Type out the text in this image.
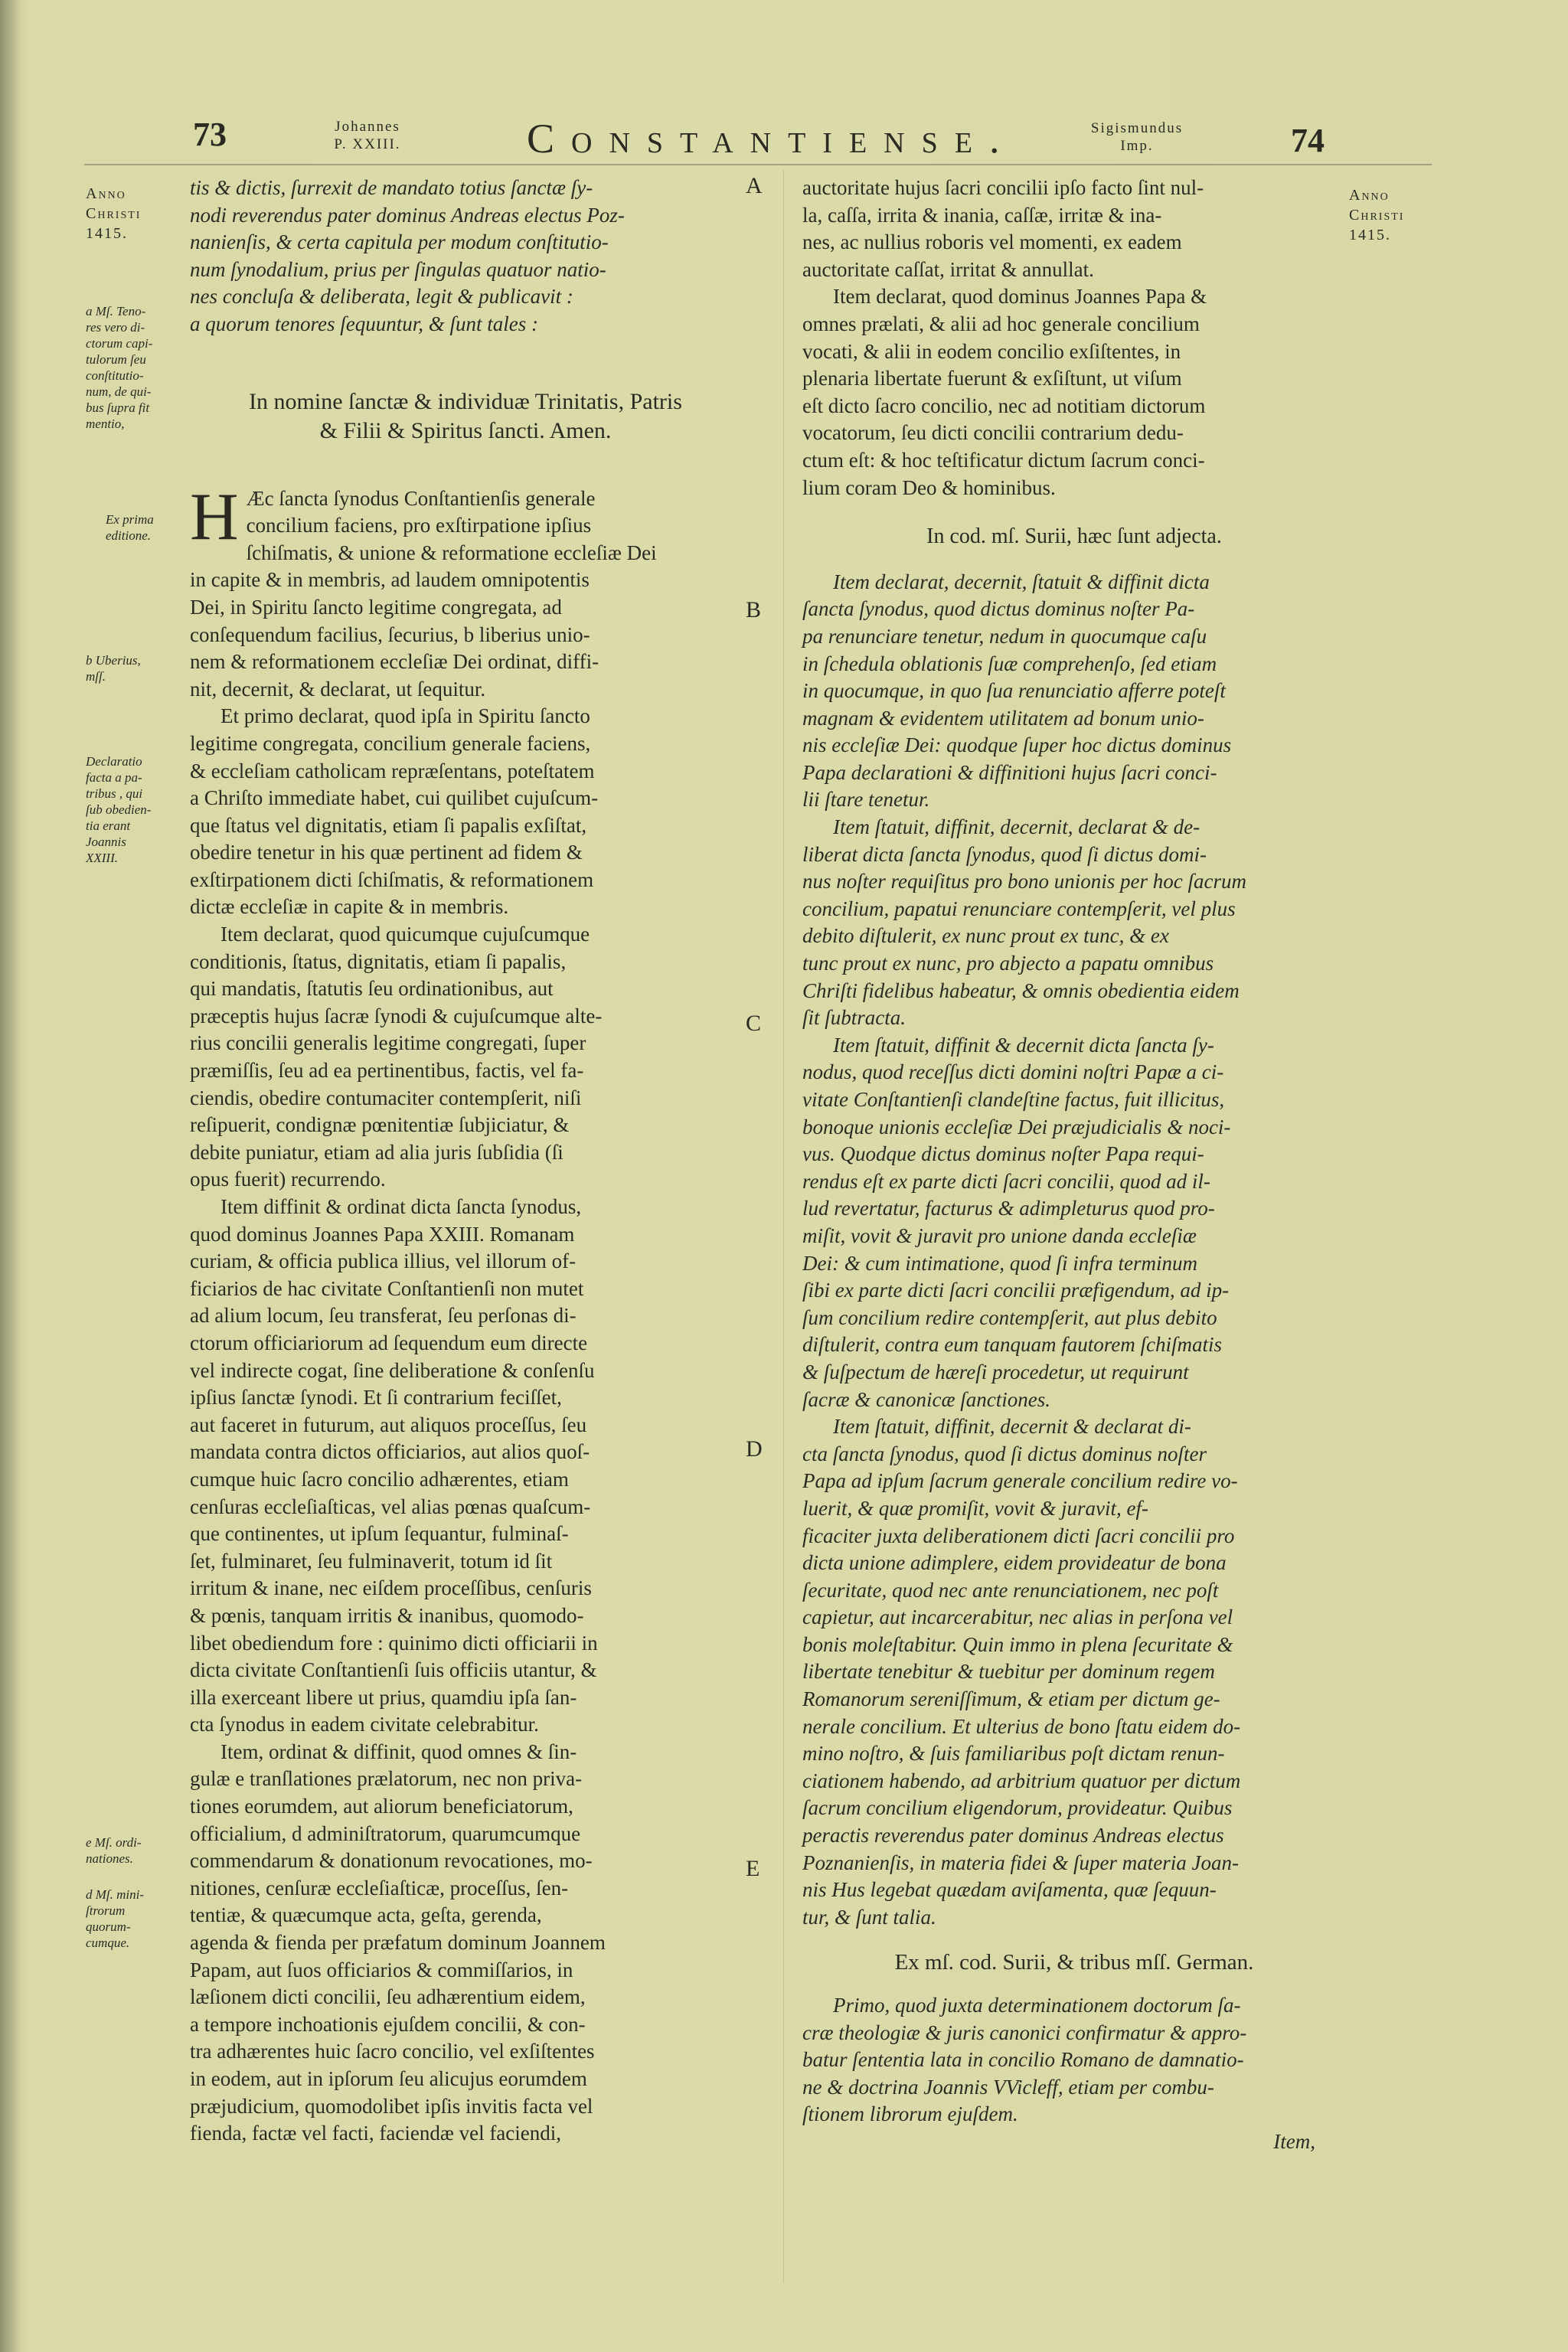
73	Johannes
P. XXIII.	Constantiense.	Sigismundus
Imp.	74
Anno
Christi
1415.
a Mſ. Teno-
res vero di-
ctorum capi-
tulorum ſeu
conſtitutio-
num, de qui-
bus ſupra fit
mentio,
Ex prima
editione.
b Uberius,
mſſ.
Declaratio
facta a pa-
tribus , qui
ſub obedien-
tia erant
Joannis
XXIII.
e Mſ. ordi-
nationes.
d Mſ. mini-
ſtrorum
quorum-
cumque.
Anno
Christi
1415.
A
B
C
D
E

tis & dictis, ſurrexit de mandato totius ſanctæ ſy-
nodi reverendus pater dominus Andreas electus Poz-
nanienſis, & certa capitula per modum conſtitutio-
num ſynodalium, prius per ſingulas quatuor natio-
nes concluſa & deliberata, legit & publicavit :
a quorum tenores ſequuntur, & ſunt tales :

In nomine ſanctæ & individuæ Trinitatis, Patris
& Filii & Spiritus ſancti. Amen.

H Æc ſancta ſynodus Conſtantienſis generale
concilium faciens, pro exſtirpatione ipſius
ſchiſmatis, & unione & reformatione eccleſiæ Dei
in capite & in membris, ad laudem omnipotentis
Dei, in Spiritu ſancto legitime congregata, ad
conſequendum facilius, ſecurius, b liberius unio-
nem & reformationem eccleſiæ Dei ordinat, diffi-
nit, decernit, & declarat, ut ſequitur.

Et primo declarat, quod ipſa in Spiritu ſancto
legitime congregata, concilium generale faciens,
& eccleſiam catholicam repræſentans, poteſtatem
a Chriſto immediate habet, cui quilibet cujuſcum-
que ſtatus vel dignitatis, etiam ſi papalis exſiſtat,
obedire tenetur in his quæ pertinent ad fidem &
exſtirpationem dicti ſchiſmatis, & reformationem
dictæ eccleſiæ in capite & in membris.

Item declarat, quod quicumque cujuſcumque
conditionis, ſtatus, dignitatis, etiam ſi papalis,
qui mandatis, ſtatutis ſeu ordinationibus, aut
præceptis hujus ſacræ ſynodi & cujuſcumque alte-
rius concilii generalis legitime congregati, ſuper
præmiſſis, ſeu ad ea pertinentibus, factis, vel fa-
ciendis, obedire contumaciter contempſerit, niſi
reſipuerit, condignæ pœnitentiæ ſubjiciatur, &
debite puniatur, etiam ad alia juris ſubſidia (ſi
opus fuerit) recurrendo.

Item diffinit & ordinat dicta ſancta ſynodus,
quod dominus Joannes Papa XXIII. Romanam
curiam, & officia publica illius, vel illorum of-
ficiarios de hac civitate Conſtantienſi non mutet
ad alium locum, ſeu transferat, ſeu perſonas di-
ctorum officiariorum ad ſequendum eum directe
vel indirecte cogat, ſine deliberatione & conſenſu
ipſius ſanctæ ſynodi. Et ſi contrarium feciſſet,
aut faceret in futurum, aut aliquos proceſſus, ſeu
mandata contra dictos officiarios, aut alios quoſ-
cumque huic ſacro concilio adhærentes, etiam
cenſuras eccleſiaſticas, vel alias pœnas quaſcum-
que continentes, ut ipſum ſequantur, fulminaſ-
ſet, fulminaret, ſeu fulminaverit, totum id ſit
irritum & inane, nec eiſdem proceſſibus, cenſuris
& pœnis, tanquam irritis & inanibus, quomodo-
libet obediendum fore : quinimo dicti officiarii in
dicta civitate Conſtantienſi ſuis officiis utantur, &
illa exerceant libere ut prius, quamdiu ipſa ſan-
cta ſynodus in eadem civitate celebrabitur.

Item, ordinat & diffinit, quod omnes & ſin-
gulæ e tranſlationes prælatorum, nec non priva-
tiones eorumdem, aut aliorum beneficiatorum,
officialium, d adminiſtratorum, quarumcumque
commendarum & donationum revocationes, mo-
nitiones, cenſuræ eccleſiaſticæ, proceſſus, ſen-
tentiæ, & quæcumque acta, geſta, gerenda,
agenda & fienda per præfatum dominum Joannem
Papam, aut ſuos officiarios & commiſſarios, in
læſionem dicti concilii, ſeu adhærentium eidem,
a tempore inchoationis ejuſdem concilii, & con-
tra adhærentes huic ſacro concilio, vel exſiſtentes
in eodem, aut in ipſorum ſeu alicujus eorumdem
præjudicium, quomodolibet ipſis invitis facta vel
fienda, factæ vel facti, faciendæ vel faciendi,

auctoritate hujus ſacri concilii ipſo facto ſint nul-
la, caſſa, irrita & inania, caſſæ, irritæ & ina-
nes, ac nullius roboris vel momenti, ex eadem
auctoritate caſſat, irritat & annullat.

Item declarat, quod dominus Joannes Papa &
omnes prælati, & alii ad hoc generale concilium
vocati, & alii in eodem concilio exſiſtentes, in
plenaria libertate fuerunt & exſiſtunt, ut viſum
eſt dicto ſacro concilio, nec ad notitiam dictorum
vocatorum, ſeu dicti concilii contrarium dedu-
ctum eſt: & hoc teſtificatur dictum ſacrum conci-
lium coram Deo & hominibus.

In cod. mſ. Surii, hæc ſunt adjecta.

Item declarat, decernit, ſtatuit & diffinit dicta
ſancta ſynodus, quod dictus dominus noſter Pa-
pa renunciare tenetur, nedum in quocumque caſu
in ſchedula oblationis ſuæ comprehenſo, ſed etiam
in quocumque, in quo ſua renunciatio afferre poteſt
magnam & evidentem utilitatem ad bonum unio-
nis eccleſiæ Dei: quodque ſuper hoc dictus dominus
Papa declarationi & diffinitioni hujus ſacri conci-
lii ſtare tenetur.

Item ſtatuit, diffinit, decernit, declarat & de-
liberat dicta ſancta ſynodus, quod ſi dictus domi-
nus noſter requiſitus pro bono unionis per hoc ſacrum
concilium, papatui renunciare contempſerit, vel plus
debito diſtulerit, ex nunc prout ex tunc, & ex
tunc prout ex nunc, pro abjecto a papatu omnibus
Chriſti fidelibus habeatur, & omnis obedientia eidem
ſit ſubtracta.

Item ſtatuit, diffinit & decernit dicta ſancta ſy-
nodus, quod receſſus dicti domini noſtri Papæ a ci-
vitate Conſtantienſi clandeſtine factus, fuit illicitus,
bonoque unionis eccleſiæ Dei præjudicialis & noci-
vus. Quodque dictus dominus noſter Papa requi-
rendus eſt ex parte dicti ſacri concilii, quod ad il-
lud revertatur, facturus & adimpleturus quod pro-
miſit, vovit & juravit pro unione danda eccleſiæ
Dei: & cum intimatione, quod ſi infra terminum
ſibi ex parte dicti ſacri concilii præfigendum, ad ip-
ſum concilium redire contempſerit, aut plus debito
diſtulerit, contra eum tanquam fautorem ſchiſmatis
& ſuſpectum de hæreſi procedetur, ut requirunt
ſacræ & canonicæ ſanctiones.

Item ſtatuit, diffinit, decernit & declarat di-
cta ſancta ſynodus, quod ſi dictus dominus noſter
Papa ad ipſum ſacrum generale concilium redire vo-
luerit, & quæ promiſit, vovit & juravit, ef-
ficaciter juxta deliberationem dicti ſacri concilii pro
dicta unione adimplere, eidem provideatur de bona
ſecuritate, quod nec ante renunciationem, nec poſt
capietur, aut incarcerabitur, nec alias in perſona vel
bonis moleſtabitur. Quin immo in plena ſecuritate &
libertate tenebitur & tuebitur per dominum regem
Romanorum sereniſſimum, & etiam per dictum ge-
nerale concilium. Et ulterius de bono ſtatu eidem do-
mino noſtro, & ſuis familiaribus poſt dictam renun-
ciationem habendo, ad arbitrium quatuor per dictum
ſacrum concilium eligendorum, provideatur. Quibus
peractis reverendus pater dominus Andreas electus
Poznanienſis, in materia fidei & ſuper materia Joan-
nis Hus legebat quædam aviſamenta, quæ ſequun-
tur, & ſunt talia.

Ex mſ. cod. Surii, & tribus mſſ. German.

Primo, quod juxta determinationem doctorum ſa-
cræ theologiæ & juris canonici confirmatur & appro-
batur ſententia lata in concilio Romano de damnatio-
ne & doctrina Joannis VVicleff, etiam per combu-
ſtionem librorum ejuſdem.

Item,
